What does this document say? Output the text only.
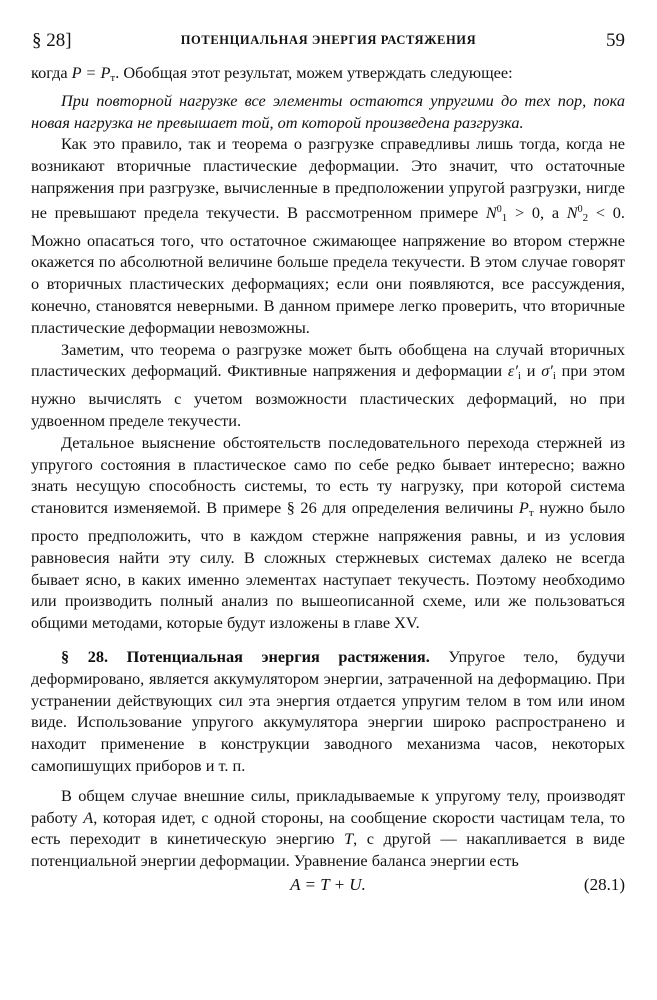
§ 28]	ПОТЕНЦИАЛЬНАЯ ЭНЕРГИЯ РАСТЯЖЕНИЯ	59

когда $P = P_т$. Обобщая этот результат, можем утверждать следующее:

При повторной нагрузке все элементы остаются упругими до тех пор, пока новая нагрузка не превышает той, от которой произведена разгрузка.

Как это правило, так и теорема о разгрузке справедливы лишь тогда, когда не возникают вторичные пластические деформации. Это значит, что остаточные напряжения при разгрузке, вычисленные в предположении упругой разгрузки, нигде не превышают предела текучести. В рассмотренном примере $N^0_1 > 0$, а $N^0_2 < 0$. Можно опасаться того, что остаточное сжимающее напряжение во втором стержне окажется по абсолютной величине больше предела текучести. В этом случае говорят о вторичных пластических деформациях; если они появляются, все рассуждения, конечно, становятся неверными. В данном примере легко проверить, что вторичные пластические деформации невозможны.

Заметим, что теорема о разгрузке может быть обобщена на случай вторичных пластических деформаций. Фиктивные напряжения и деформации $\varepsilon'_i$ и $\sigma'_i$ при этом нужно вычислять с учетом возможности пластических деформаций, но при удвоенном пределе текучести.

Детальное выяснение обстоятельств последовательного перехода стержней из упругого состояния в пластическое само по себе редко бывает интересно; важно знать несущую способность системы, то есть ту нагрузку, при которой система становится изменяемой. В примере § 26 для определения величины $P_т$ нужно было просто предположить, что в каждом стержне напряжения равны, и из условия равновесия найти эту силу. В сложных стержневых системах далеко не всегда бывает ясно, в каких именно элементах наступает текучесть. Поэтому необходимо или производить полный анализ по вышеописанной схеме, или же пользоваться общими методами, которые будут изложены в главе XV.

§ 28. Потенциальная энергия растяжения. Упругое тело, будучи деформировано, является аккумулятором энергии, затраченной на деформацию. При устранении действующих сил эта энергия отдается упругим телом в том или ином виде. Использование упругого аккумулятора энергии широко распространено и находит применение в конструкции заводного механизма часов, некоторых самопишущих приборов и т. п.

В общем случае внешние силы, прикладываемые к упругому телу, производят работу A, которая идет, с одной стороны, на сообщение скорости частицам тела, то есть переходит в кинетическую энергию T, с другой — накапливается в виде потенциальной энергии деформации. Уравнение баланса энергии есть

A = T + U.	(28.1)
